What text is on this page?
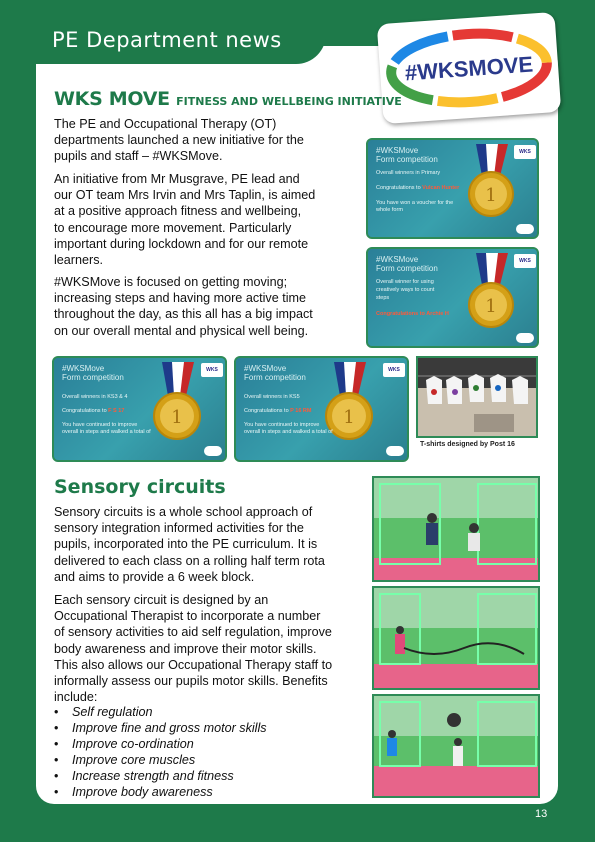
PE Department news
#WKSMOVE
WKS MOVE FITNESS AND WELLBEING INITIATIVE
The PE and Occupational Therapy (OT)
departments launched a new initiative for the
pupils and staff – #WKSMove.
An initiative from Mr Musgrave, PE lead and
our OT team Mrs Irvin and Mrs Taplin, is aimed
at a positive approach fitness and wellbeing,
to encourage more movement. Particularly
important during lockdown and for our remote
learners.
#WKSMove is focused on getting moving;
increasing steps and having more active time
throughout the day, as this all has a big impact
on our overall mental and physical well being.
1
#WKSMove
Form competition
Overall winners in Primary
Congratulations to Vulcan Hunter
You have won a voucher for the
whole form
WKS
1
#WKSMove
Form competition
Overall winner for using
creatively ways to count
steps
Congratulations to Archie H
WKS
1
#WKSMove
Form competition
Overall winners in KS3 & 4
Congratulations to F S 17
You have continued to improve
overall in steps and walked a total of
WKS
1
#WKSMove
Form competition
Overall winners in KS5
Congratulations to P 16 RM
You have continued to improve
overall in steps and walked a total of
WKS
T-shirts designed by Post 16
Sensory circuits
Sensory circuits is a whole school approach of
sensory integration informed activities for the
pupils, incorporated into the PE curriculum. It is
delivered to each class on a rolling half term rota
and aims to provide a 6 week block.
Each sensory circuit is designed by an
Occupational Therapist to incorporate a number
of sensory activities to aid self regulation, improve
body awareness and improve their motor skills.
This also allows our Occupational Therapy staff to
informally assess our pupils motor skills. Benefits
include:
• Self regulation
• Improve fine and gross motor skills
• Improve co-ordination
• Improve core muscles
• Increase strength and fitness
• Improve body awareness
13
